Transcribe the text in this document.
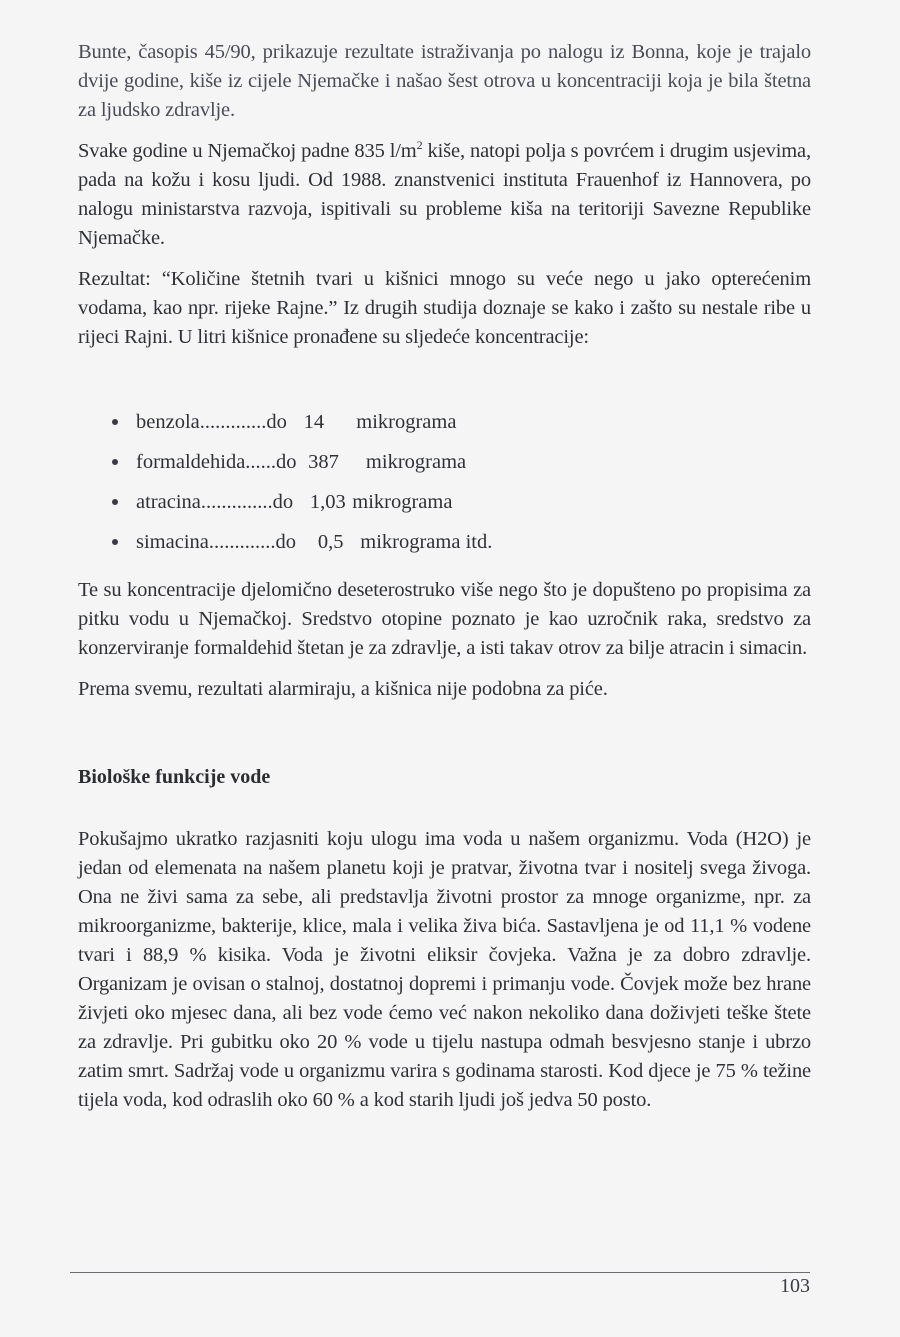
Bunte, časopis 45/90, prikazuje rezultate istraživanja po nalogu iz Bonna, koje je trajalo dvije godine, kiše iz cijele Njemačke i našao šest otrova u koncentraciji koja je bila štetna za ljudsko zdravlje.

Svake godine u Njemačkoj padne 835 $l/m^2$ kiše, natopi polja s povrćem i drugim usjevima, pada na kožu i kosu ljudi. Od 1988. znanstvenici instituta Frauenhof iz Hannovera, po nalogu ministarstva razvoja, ispitivali su probleme kiša na teritoriji Savezne Republike Njemačke.

Rezultat: “Količine štetnih tvari u kišnici mnogo su veće nego u jako opterećenim vodama, kao npr. rijeke Rajne.” Iz drugih studija doznaje se kako i zašto su nestale ribe u rijeci Rajni. U litri kišnice pronađene su sljedeće koncentracije:

benzola.............do 14   mikrograma
formaldehida......do 387   mikrograma
atracina..............do   1,03 mikrograma
simacina.............do   0,5  mikrograma itd.

Te su koncentracije djelomično deseterostruko više nego što je dopušteno po propisima za pitku vodu u Njemačkoj. Sredstvo otopine poznato je kao uzročnik raka, sredstvo za konzerviranje formaldehid štetan je za zdravlje, a isti takav otrov za bilje atracin i simacin.

Prema svemu, rezultati alarmiraju, a kišnica nije podobna za piće.

Biološke funkcije vode

Pokušajmo ukratko razjasniti koju ulogu ima voda u našem organizmu. Voda (H2O) je jedan od elemenata na našem planetu koji je pratvar, životna tvar i nositelj svega živoga. Ona ne živi sama za sebe, ali predstavlja životni prostor za mnoge organizme, npr. za mikroorganizme, bakterije, klice, mala i velika živa bića. Sastavljena je od 11,1 % vodene tvari i 88,9 % kisika. Voda je životni eliksir čovjeka. Važna je za dobro zdravlje. Organizam je ovisan o stalnoj, dostatnoj dopremi i primanju vode. Čovjek može bez hrane živjeti oko mjesec dana, ali bez vode ćemo već nakon nekoliko dana doživjeti teške štete za zdravlje. Pri gubitku oko 20 % vode u tijelu nastupa odmah besvjesno stanje i ubrzo zatim smrt. Sadržaj vode u organizmu varira s godinama starosti. Kod djece je 75 % težine tijela voda, kod odraslih oko 60 % a kod starih ljudi još jedva 50 posto.

103
